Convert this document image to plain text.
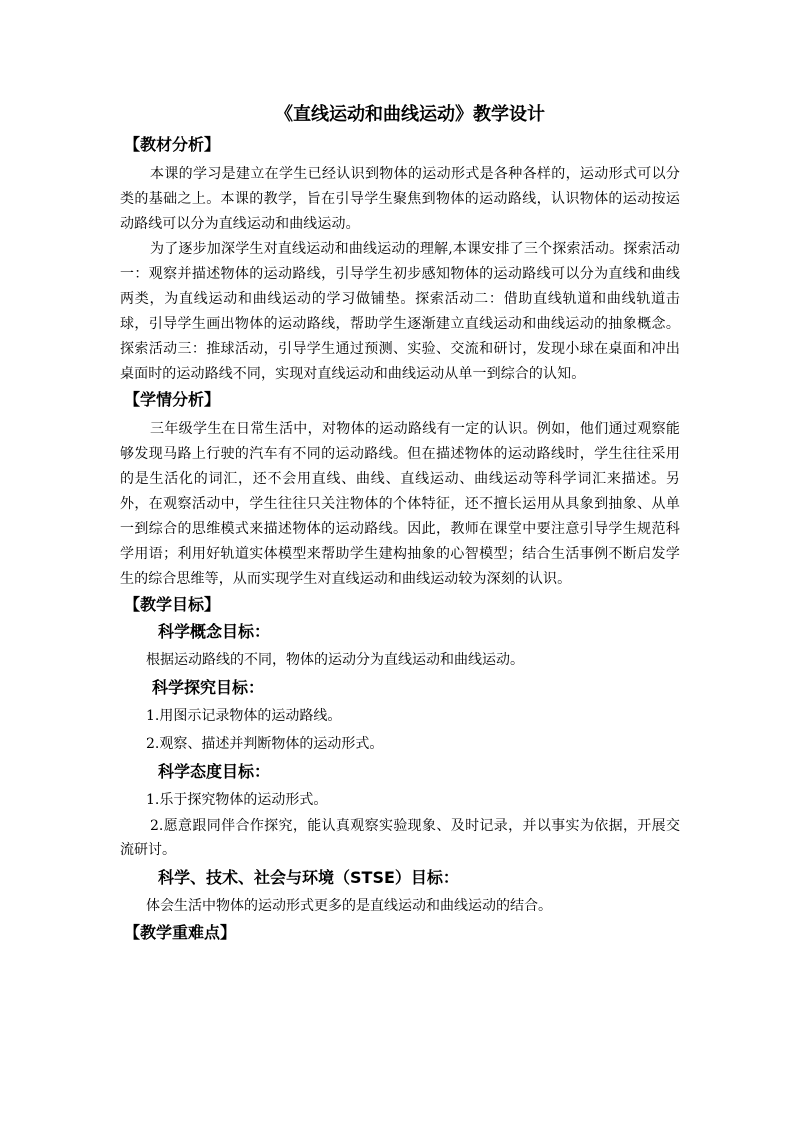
《直线运动和曲线运动》教学设计
【教材分析】

本课的学习是建立在学生已经认识到物体的运动形式是各种各样的，运动形式可以分类的基础之上。本课的教学，旨在引导学生聚焦到物体的运动路线，认识物体的运动按运动路线可以分为直线运动和曲线运动。

为了逐步加深学生对直线运动和曲线运动的理解,本课安排了三个探索活动。探索活动一：观察并描述物体的运动路线，引导学生初步感知物体的运动路线可以分为直线和曲线两类，为直线运动和曲线运动的学习做铺垫。探索活动二：借助直线轨道和曲线轨道击球，引导学生画出物体的运动路线，帮助学生逐渐建立直线运动和曲线运动的抽象概念。探索活动三：推球活动，引导学生通过预测、实验、交流和研讨，发现小球在桌面和冲出桌面时的运动路线不同，实现对直线运动和曲线运动从单一到综合的认知。

【学情分析】

三年级学生在日常生活中，对物体的运动路线有一定的认识。例如，他们通过观察能够发现马路上行驶的汽车有不同的运动路线。但在描述物体的运动路线时，学生往往采用的是生活化的词汇，还不会用直线、曲线、直线运动、曲线运动等科学词汇来描述。另外，在观察活动中，学生往往只关注物体的个体特征，还不擅长运用从具象到抽象、从单一到综合的思维模式来描述物体的运动路线。因此，教师在课堂中要注意引导学生规范科学用语；利用好轨道实体模型来帮助学生建构抽象的心智模型；结合生活事例不断启发学生的综合思维等，从而实现学生对直线运动和曲线运动较为深刻的认识。

【教学目标】
科学概念目标：

根据运动路线的不同，物体的运动分为直线运动和曲线运动。

科学探究目标：

1.用图示记录物体的运动路线。

2.观察、描述并判断物体的运动形式。

科学态度目标：

1.乐于探究物体的运动形式。

2.愿意跟同伴合作探究，能认真观察实验现象、及时记录，并以事实为依据，开展交流研讨。

科学、技术、社会与环境（STSE）目标：

体会生活中物体的运动形式更多的是直线运动和曲线运动的结合。

【教学重难点】
